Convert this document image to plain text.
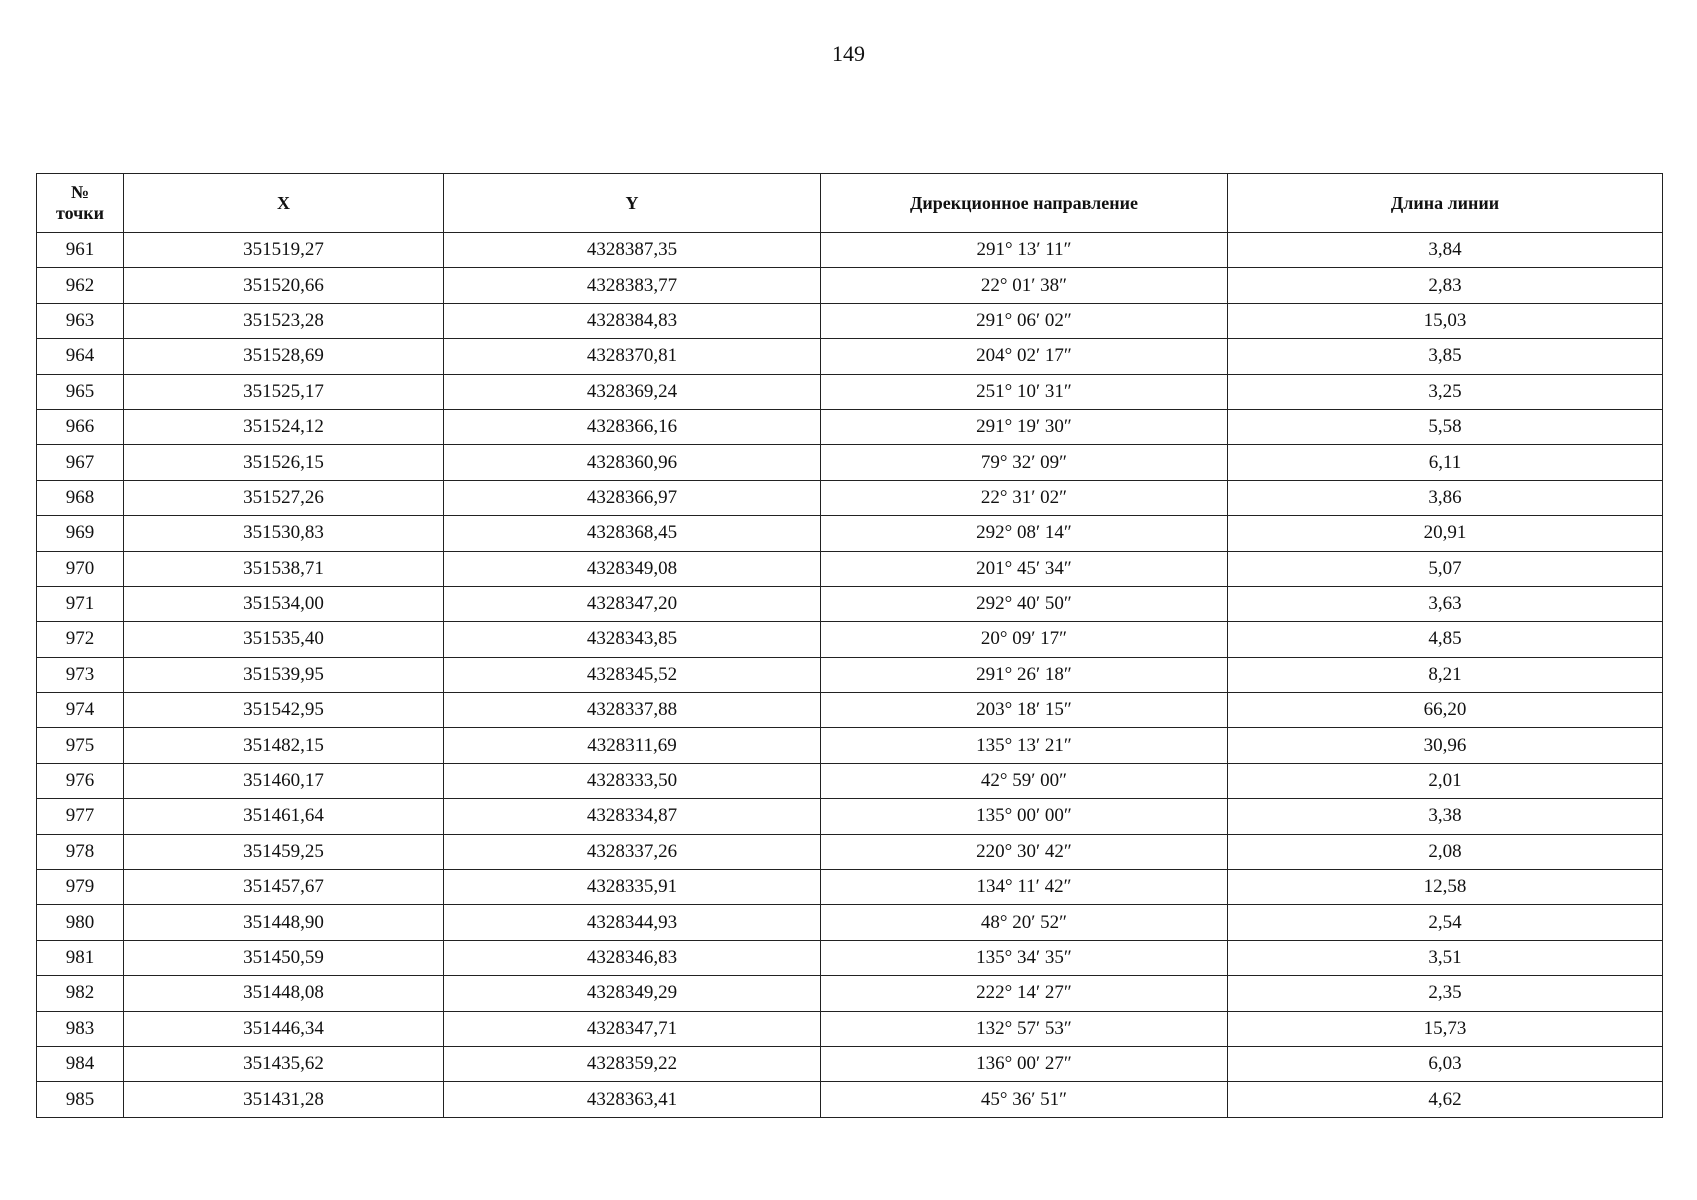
149
№
точки	X	Y	Дирекционное направление	Длина линии
961	351519,27	4328387,35	291° 13′ 11″	3,84
962	351520,66	4328383,77	22° 01′ 38″	2,83
963	351523,28	4328384,83	291° 06′ 02″	15,03
964	351528,69	4328370,81	204° 02′ 17″	3,85
965	351525,17	4328369,24	251° 10′ 31″	3,25
966	351524,12	4328366,16	291° 19′ 30″	5,58
967	351526,15	4328360,96	79° 32′ 09″	6,11
968	351527,26	4328366,97	22° 31′ 02″	3,86
969	351530,83	4328368,45	292° 08′ 14″	20,91
970	351538,71	4328349,08	201° 45′ 34″	5,07
971	351534,00	4328347,20	292° 40′ 50″	3,63
972	351535,40	4328343,85	20° 09′ 17″	4,85
973	351539,95	4328345,52	291° 26′ 18″	8,21
974	351542,95	4328337,88	203° 18′ 15″	66,20
975	351482,15	4328311,69	135° 13′ 21″	30,96
976	351460,17	4328333,50	42° 59′ 00″	2,01
977	351461,64	4328334,87	135° 00′ 00″	3,38
978	351459,25	4328337,26	220° 30′ 42″	2,08
979	351457,67	4328335,91	134° 11′ 42″	12,58
980	351448,90	4328344,93	48° 20′ 52″	2,54
981	351450,59	4328346,83	135° 34′ 35″	3,51
982	351448,08	4328349,29	222° 14′ 27″	2,35
983	351446,34	4328347,71	132° 57′ 53″	15,73
984	351435,62	4328359,22	136° 00′ 27″	6,03
985	351431,28	4328363,41	45° 36′ 51″	4,62
